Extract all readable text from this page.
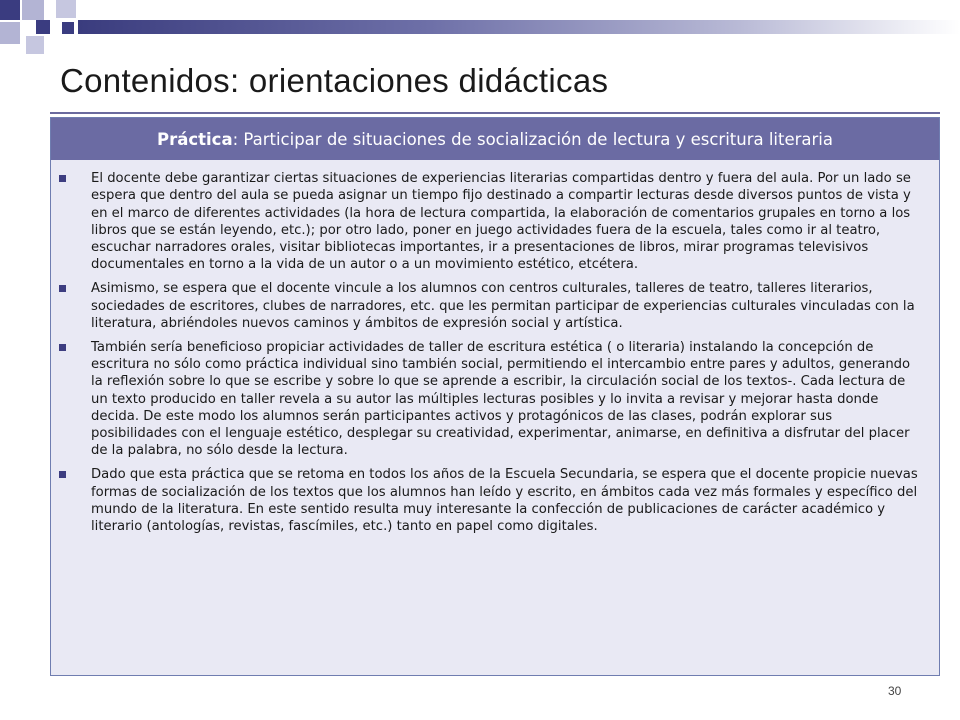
Contenidos: orientaciones didácticas
Práctica : Participar de situaciones de socialización de lectura y escritura literaria
El docente debe garantizar ciertas situaciones de experiencias literarias compartidas dentro y fuera del aula. Por un lado se espera que dentro del aula se pueda asignar un tiempo fijo destinado a compartir lecturas desde diversos puntos de vista y en el marco de diferentes actividades (la hora de lectura compartida, la elaboración de comentarios grupales en torno a los libros que se están leyendo, etc.); por otro lado, poner en juego actividades fuera de la escuela, tales como ir al teatro, escuchar narradores orales, visitar bibliotecas importantes, ir a presentaciones de libros, mirar programas televisivos documentales en torno a la vida de un autor o a un movimiento estético, etcétera.
Asimismo, se espera que el docente vincule a los alumnos con centros culturales, talleres de teatro, talleres literarios, sociedades de escritores, clubes de narradores, etc. que les permitan participar de experiencias culturales vinculadas con la literatura, abriéndoles nuevos caminos y ámbitos de expresión social y artística.
También sería beneficioso propiciar actividades de taller de escritura estética ( o literaria) instalando la concepción de escritura no sólo como práctica individual sino también social, permitiendo el intercambio entre pares y adultos, generando la reflexión sobre lo que se escribe y sobre lo que se aprende a escribir, la circulación social de los textos-. Cada lectura de un texto producido en taller revela a su autor las múltiples lecturas posibles y lo invita a revisar y mejorar hasta donde decida. De este modo los alumnos serán participantes activos y protagónicos de las clases, podrán explorar sus posibilidades con el lenguaje estético, desplegar su creatividad, experimentar, animarse, en definitiva a disfrutar del placer de la palabra, no sólo desde la lectura.
Dado que esta práctica que se retoma en todos los años de la Escuela Secundaria, se espera que el docente propicie nuevas formas de socialización de los textos que los alumnos han leído y escrito, en ámbitos cada vez más formales y específico del mundo de la literatura. En este sentido resulta muy interesante la confección de publicaciones de carácter académico y literario (antologías, revistas, fascímiles, etc.) tanto en papel como digitales.
30
